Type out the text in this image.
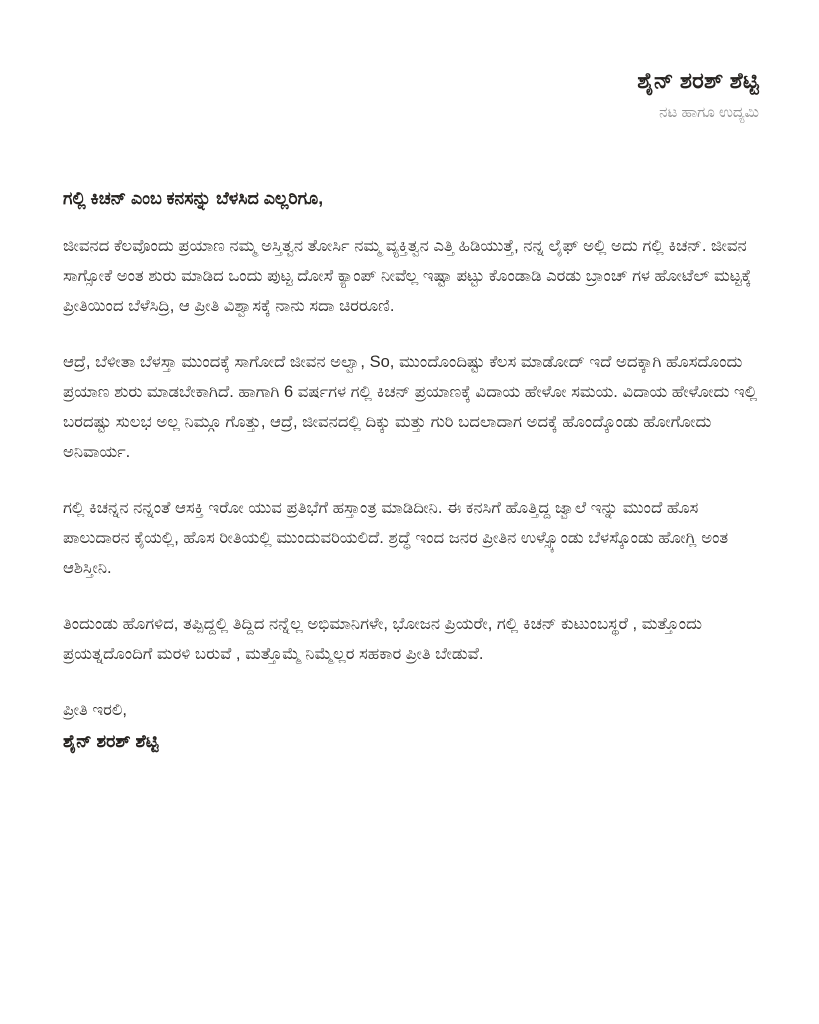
ಶೈನ್ ಶರಶ್ ಶೆಟ್ಟಿ
ನಟ ಹಾಗೂ ಉದ್ಯಮಿ
ಗಲ್ಲಿ ಕಿಚನ್ ಎಂಬ ಕನಸನ್ನು ಬೆಳಸಿದ ಎಲ್ಲರಿಗೂ,

ಜೀವನದ ಕೆಲವೊಂದು ಪ್ರಯಾಣ ನಮ್ಮ ಅಸ್ತಿತ್ವನ ತೋರ್ಸಿ ನಮ್ಮ ವ್ಯಕ್ತಿತ್ವನ ಎತ್ತಿ ಹಿಡಿಯುತ್ತೆ, ನನ್ನ ಲೈಫ್ ಅಲ್ಲಿ ಅದು ಗಲ್ಲಿ ಕಿಚನ್. ಜೀವನ ಸಾಗ್ಸೋಕೆ ಅಂತ ಶುರು ಮಾಡಿದ ಒಂದು ಪುಟ್ಟ ದೋಸೆ ಕ್ಯಾಂಪ್ ನೀವೆಲ್ಲ ಇಷ್ಟಾ ಪಟ್ಟು ಕೊಂಡಾಡಿ ಎರಡು ಬ್ರಾಂಚ್ ಗಳ ಹೋಟೆಲ್ ಮಟ್ಟಕ್ಕೆ ಪ್ರೀತಿಯಿಂದ ಬೆಳೆಸಿದ್ರಿ, ಆ ಪ್ರೀತಿ ವಿಶ್ವಾಸಕ್ಕೆ ನಾನು ಸದಾ ಚಿರರೂಣಿ.

ಆದ್ರೆ, ಬೆಳೀತಾ ಬೆಳಸ್ತಾ ಮುಂದಕ್ಕೆ ಸಾಗೋದೆ ಜೀವನ ಅಲ್ವಾ, So, ಮುಂದೊಂದಿಷ್ಟು ಕೆಲಸ ಮಾಡೋದ್ ಇದೆ ಅದಕ್ಕಾಗಿ ಹೊಸದೊಂದು ಪ್ರಯಾಣ ಶುರು ಮಾಡಬೇಕಾಗಿದೆ. ಹಾಗಾಗಿ 6 ವರ್ಷಗಳ ಗಲ್ಲಿ ಕಿಚನ್ ಪ್ರಯಾಣಕ್ಕೆ ವಿದಾಯ ಹೇಳೋ ಸಮಯ. ವಿದಾಯ ಹೇಳೋದು ಇಲ್ಲಿ ಬರದಷ್ಟು ಸುಲಭ ಅಲ್ಲ ನಿಮ್ಗೂ ಗೊತ್ತು, ಆದ್ರೆ, ಜೀವನದಲ್ಲಿ ದಿಕ್ಕು ಮತ್ತು ಗುರಿ ಬದಲಾದಾಗ ಅದಕ್ಕೆ ಹೊಂದ್ಕೊಂಡು ಹೋಗೋದು ಅನಿವಾರ್ಯ.

ಗಲ್ಲಿ ಕಿಚನ್ನನ ನನ್ನಂತೆ ಆಸಕ್ತಿ ಇರೋ ಯುವ ಪ್ರತಿಭೆಗೆ ಹಸ್ತಾಂತ್ರ ಮಾಡಿದೀನಿ. ಈ ಕನಸಿಗೆ ಹೊತ್ತಿದ್ದ ಜ್ವಾಲೆ ಇನ್ನು ಮುಂದೆ ಹೊಸ ಪಾಲುದಾರನ ಕೈಯಲ್ಲಿ, ಹೊಸ ರೀತಿಯಲ್ಲಿ ಮುಂದುವರಿಯಲಿದೆ. ಶ್ರದ್ಧೆ ಇಂದ ಜನರ ಪ್ರೀತಿನ ಉಳ್ಸ್ಕೊಂಡು ಬೆಳಸ್ಕೊಂಡು ಹೋಗ್ಲಿ ಅಂತ ಆಶಿಸ್ತೀನಿ.

ತಿಂದುಂಡು ಹೊಗಳಿದ, ತಪ್ಪಿದ್ದಲ್ಲಿ ತಿದ್ದಿದ ನನ್ನೆಲ್ಲ ಅಭಿಮಾನಿಗಳೇ, ಭೋಜನ ಪ್ರಿಯರೇ, ಗಲ್ಲಿ ಕಿಚನ್ ಕುಟುಂಬಸ್ಥರೆ , ಮತ್ತೊಂದು ಪ್ರಯತ್ನದೊಂದಿಗೆ ಮರಳಿ ಬರುವೆ , ಮತ್ತೊಮ್ಮೆ ನಿಮ್ಮೆಲ್ಲರ ಸಹಕಾರ ಪ್ರೀತಿ ಬೇಡುವೆ.

ಪ್ರೀತಿ ಇರಲಿ,
ಶೈನ್ ಶರಶ್ ಶೆಟ್ಟಿ
